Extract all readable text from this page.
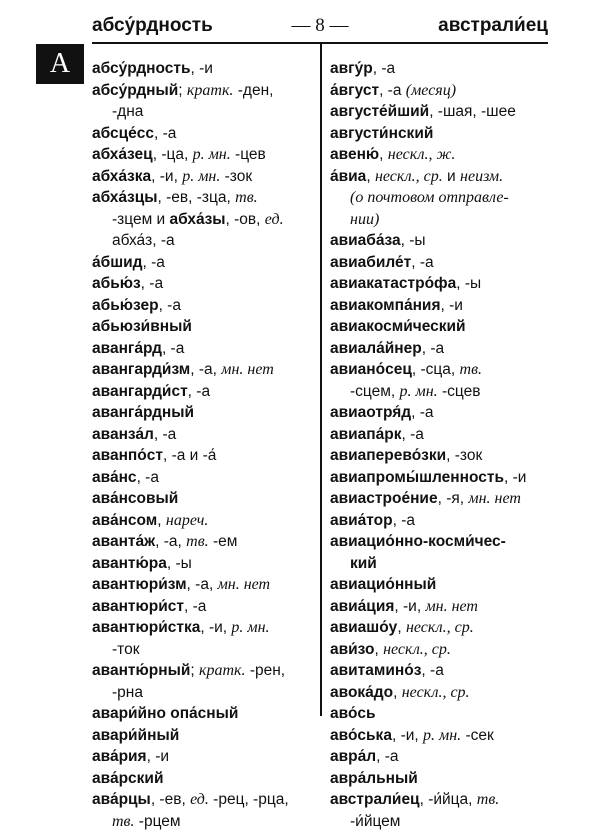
абсу́рдность	— 8 —	австрали́ец
А	абсу́рдность, -и
абсу́рдный; кратк. -ден,
-дна
абсце́сс, -а
абха́зец, -ца, р. мн. -цев
абха́зка, -и, р. мн. -зок
абха́зцы, -ев, -зца, тв.
-зцем и абха́зы, -ов, ед.
абха́з, -а
а́бшид, -а
абью́з, -а
абью́зер, -а
абьюзи́вный
аванга́рд, -а
авангарди́зм, -а, мн. нет
авангарди́ст, -а
аванга́рдный
аванза́л, -а
аванпо́ст, -а и -а́
ава́нс, -а
ава́нсовый
ава́нсом, нареч.
аванта́ж, -а, тв. -ем
авантю́ра, -ы
авантюри́зм, -а, мн. нет
авантюри́ст, -а
авантюри́стка, -и, р. мн.
-ток
авантю́рный; кратк. -рен,
-рна
авари́йно опа́сный
авари́йный
ава́рия, -и
ава́рский
ава́рцы, -ев, ед. -рец, -рца,
тв. -рцем
авгу́р, -а
а́вгуст, -а (месяц)
августе́йший, -шая, -шее
августи́нский
авеню́, нескл., ж.
а́виа, нескл., ср. и неизм.
(о почтовом отправле-
нии)
авиаба́за, -ы
авиабиле́т, -а
авиакатастро́фа, -ы
авиакомпа́ния, -и
авиакосми́ческий
авиала́йнер, -а
авиано́сец, -сца, тв.
-сцем, р. мн. -сцев
авиаотря́д, -а
авиапа́рк, -а
авиаперево́зки, -зок
авиапромы́шленность, -и
авиастрое́ние, -я, мн. нет
авиа́тор, -а
авиацио́нно-косми́чес-
кий
авиацио́нный
авиа́ция, -и, мн. нет
авиашо́у, нескл., ср.
ави́зо, нескл., ср.
авитамино́з, -а
авока́до, нескл., ср.
аво́сь
аво́ська, -и, р. мн. -сек
авра́л, -а
авра́льный
австрали́ец, -и́йца, тв.
-и́йцем
